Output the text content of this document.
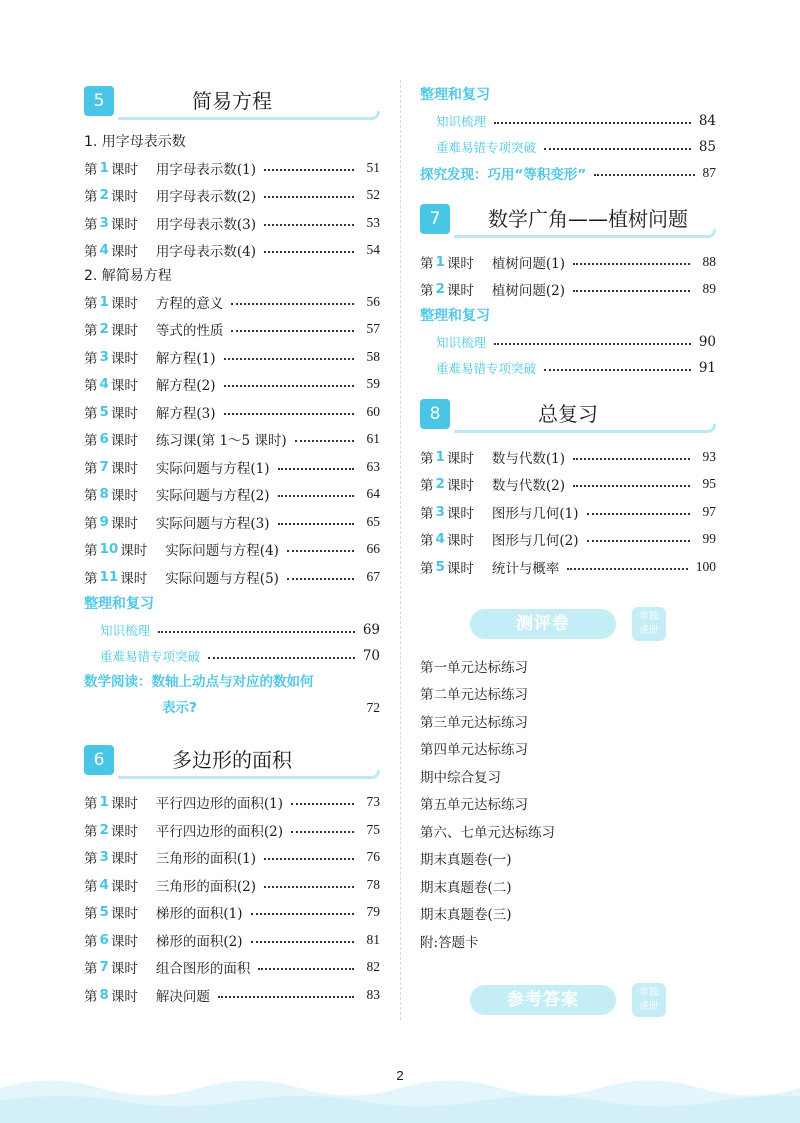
5	简易方程
1. 用字母表示数
第 1 课时 用字母表示数(1)	51
第 2 课时 用字母表示数(2)	52
第 3 课时 用字母表示数(3)	53
第 4 课时 用字母表示数(4)	54
2. 解简易方程
第 1 课时 方程的意义	56
第 2 课时 等式的性质	57
第 3 课时 解方程(1)	58
第 4 课时 解方程(2)	59
第 5 课时 解方程(3)	60
第 6 课时 练习课(第 1～5 课时)	61
第 7 课时 实际问题与方程(1)	63
第 8 课时 实际问题与方程(2)	64
第 9 课时 实际问题与方程(3)	65
第 10 课时 实际问题与方程(4)	66
第 11 课时 实际问题与方程(5)	67
整理和复习
知识梳理	69
重难易错专项突破	70
数学阅读：数轴上动点与对应的数如何
表示?	72
6	多边形的面积
第 1 课时 平行四边形的面积(1)	73
第 2 课时 平行四边形的面积(2)	75
第 3 课时 三角形的面积(1)	76
第 4 课时 三角形的面积(2)	78
第 5 课时 梯形的面积(1)	79
第 6 课时 梯形的面积(2)	81
第 7 课时 组合图形的面积	82
第 8 课时 解决问题	83
整理和复习
知识梳理	84
重难易错专项突破	85
探究发现：巧用“等积变形”	87
7	数学广角——植树问题
第 1 课时 植树问题(1)	88
第 2 课时 植树问题(2)	89
整理和复习
知识梳理	90
重难易错专项突破	91
8	总复习
第 1 课时 数与代数(1)	93
第 2 课时 数与代数(2)	95
第 3 课时 图形与几何(1)	97
第 4 课时 图形与几何(2)	99
第 5 课时 统计与概率	100
测评卷	单独
成册
第一单元达标练习
第二单元达标练习
第三单元达标练习
第四单元达标练习
期中综合复习
第五单元达标练习
第六、七单元达标练习
期末真题卷(一)
期末真题卷(二)
期末真题卷(三)
附:答题卡
参考答案	单独
成册
2
